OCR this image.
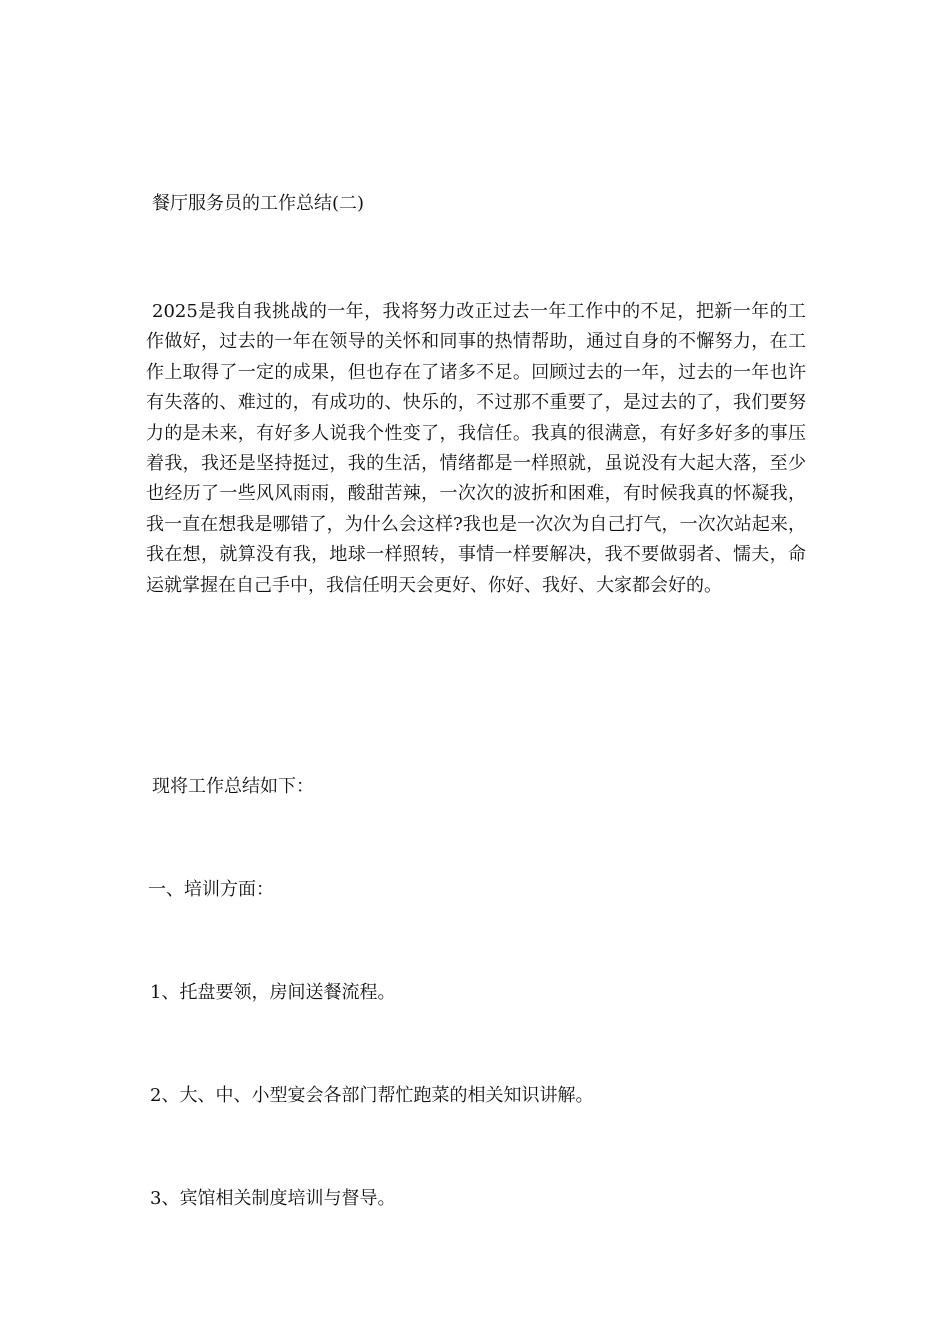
餐厅服务员的工作总结(二)

2025是我自我挑战的一年，我将努力改正过去一年工作中的不足，把新一年的工作做好，过去的一年在领导的关怀和同事的热情帮助，通过自身的不懈努力，在工作上取得了一定的成果，但也存在了诸多不足。回顾过去的一年，过去的一年也许有失落的、难过的，有成功的、快乐的，不过那不重要了，是过去的了，我们要努力的是未来，有好多人说我个性变了，我信任。我真的很满意，有好多好多的事压着我，我还是坚持挺过，我的生活，情绪都是一样照就，虽说没有大起大落，至少也经历了一些风风雨雨，酸甜苦辣，一次次的波折和困难，有时候我真的怀凝我，我一直在想我是哪错了，为什么会这样?我也是一次次为自己打气，一次次站起来，我在想，就算没有我，地球一样照转，事情一样要解决，我不要做弱者、懦夫，命运就掌握在自己手中，我信任明天会更好、你好、我好、大家都会好的。

现将工作总结如下：

一、培训方面：

1、托盘要领，房间送餐流程。

2、大、中、小型宴会各部门帮忙跑菜的相关知识讲解。

3、宾馆相关制度培训与督导。
